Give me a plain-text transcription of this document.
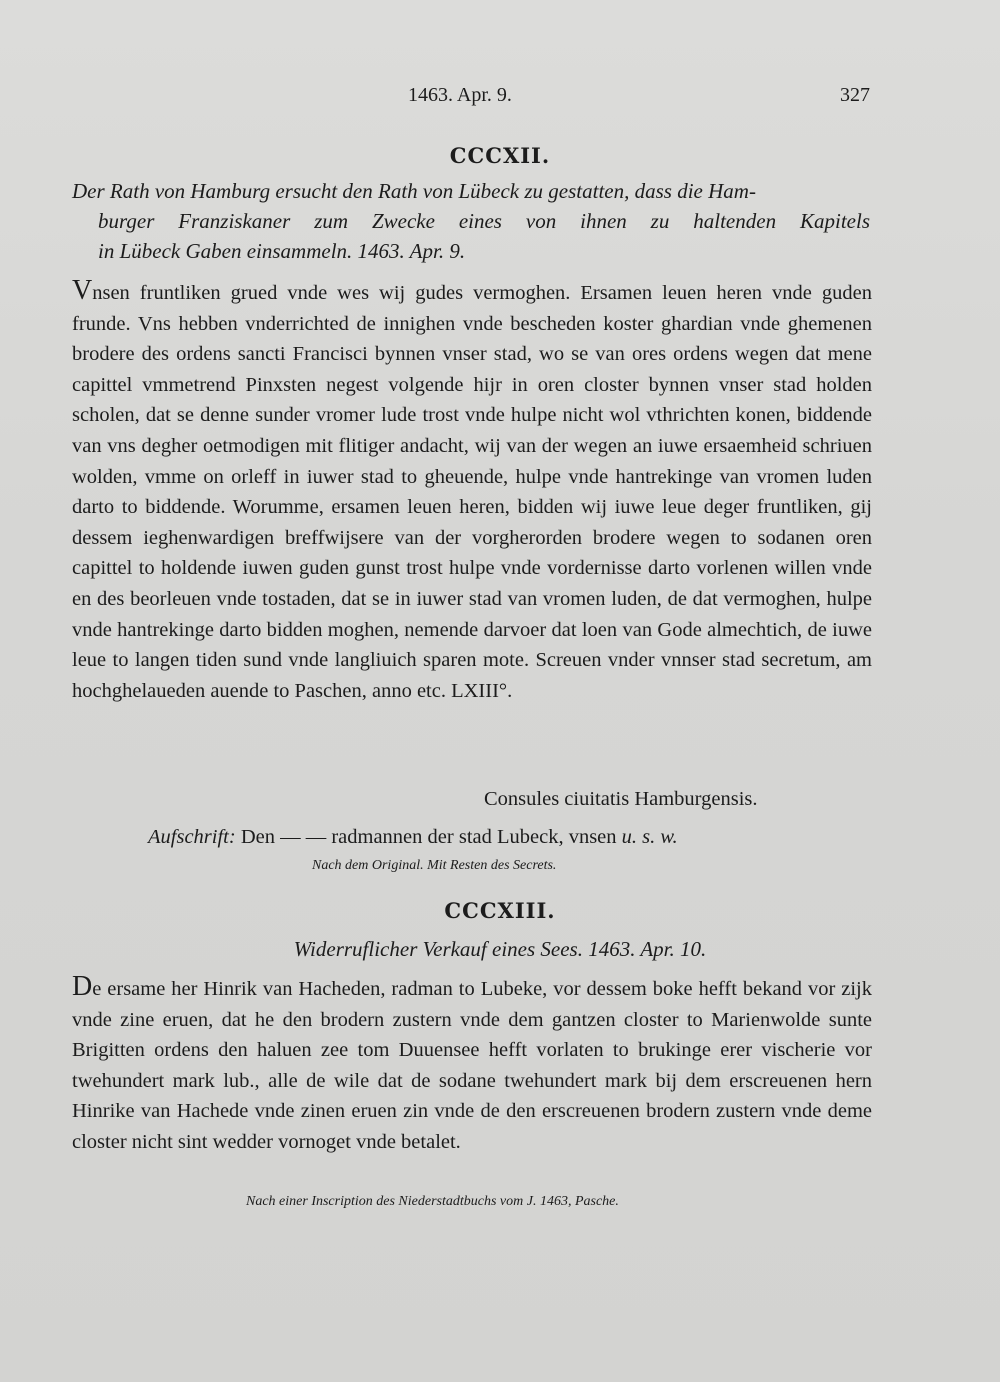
1463. Apr. 9.	327
CCCXII.
Der Rath von Hamburg ersucht den Rath von Lübeck zu gestatten, dass die Ham-
burger Franziskaner zum Zwecke eines von ihnen zu haltenden Kapitels
in Lübeck Gaben einsammeln. 1463. Apr. 9.
Vnsen fruntliken grued vnde wes wij gudes vermoghen. Ersamen leuen heren vnde guden frunde. Vns hebben vnderrichted de innighen vnde bescheden koster ghardian vnde ghemenen brodere des ordens sancti Francisci bynnen vnser stad, wo se van ores ordens wegen dat mene capittel vmmetrend Pinxsten negest volgende hijr in oren closter bynnen vnser stad holden scholen, dat se denne sunder vromer lude trost vnde hulpe nicht wol vthrichten konen, biddende van vns degher oetmodigen mit flitiger andacht, wij van der wegen an iuwe ersaemheid schriuen wolden, vmme on orleff in iuwer stad to gheuende, hulpe vnde hantrekinge van vromen luden darto to biddende. Worumme, ersamen leuen heren, bidden wij iuwe leue deger fruntliken, gij dessem ieghenwardigen breffwijsere van der vorgherorden brodere wegen to sodanen oren capittel to holdende iuwen guden gunst trost hulpe vnde vordernisse darto vorlenen willen vnde en des beorleuen vnde tostaden, dat se in iuwer stad van vromen luden, de dat vermoghen, hulpe vnde hantrekinge darto bidden moghen, nemende darvoer dat loen van Gode almechtich, de iuwe leue to langen tiden sund vnde langliuich sparen mote. Screuen vnder vnnser stad secretum, am hochghelaueden auende to Paschen, anno etc. LXIII°.
Consules ciuitatis Hamburgensis.
Aufschrift: Den — — radmannen der stad Lubeck, vnsen u. s. w.
Nach dem Original. Mit Resten des Secrets.
CCCXIII.
Widerruflicher Verkauf eines Sees. 1463. Apr. 10.
De ersame her Hinrik van Hacheden, radman to Lubeke, vor dessem boke hefft bekand vor zijk vnde zine eruen, dat he den brodern zustern vnde dem gantzen closter to Marienwolde sunte Brigitten ordens den haluen zee tom Duuensee hefft vorlaten to brukinge erer vischerie vor twehundert mark lub., alle de wile dat de sodane twehundert mark bij dem erscreuenen hern Hinrike van Hachede vnde zinen eruen zin vnde de den erscreuenen brodern zustern vnde deme closter nicht sint wedder vornoget vnde betalet.
Nach einer Inscription des Niederstadtbuchs vom J. 1463, Pasche.
